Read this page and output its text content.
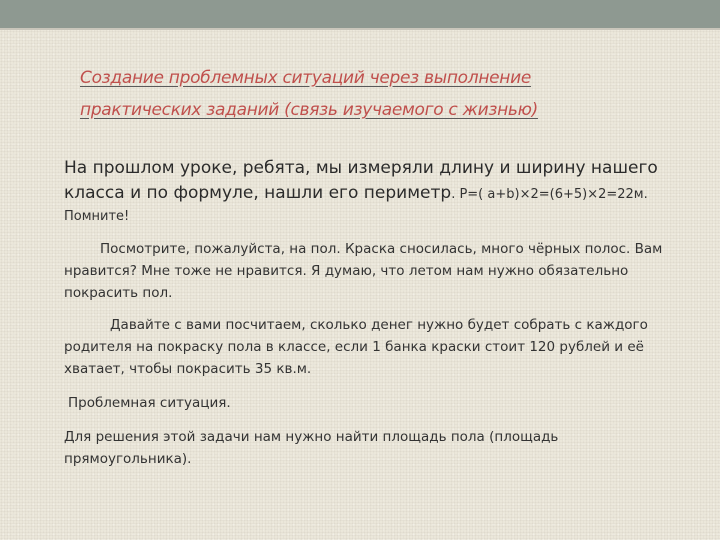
Создание проблемных ситуаций через выполнение практических заданий (связь изучаемого с жизнью)
На прошлом уроке, ребята, мы измеряли длину и ширину нашего класса и по формуле, нашли его периметр. Р=( а+b)×2=(6+5)×2=22м. Помните!
Посмотрите, пожалуйста, на пол. Краска сносилась, много чёрных полос. Вам нравится? Мне тоже не нравится. Я думаю, что летом нам нужно обязательно покрасить пол.
Давайте с вами посчитаем, сколько денег нужно будет собрать с каждого родителя на покраску пола в классе, если 1 банка краски стоит 120 рублей и её хватает, чтобы покрасить 35 кв.м.
Проблемная ситуация.
Для решения этой задачи нам нужно найти площадь пола (площадь прямоугольника).
